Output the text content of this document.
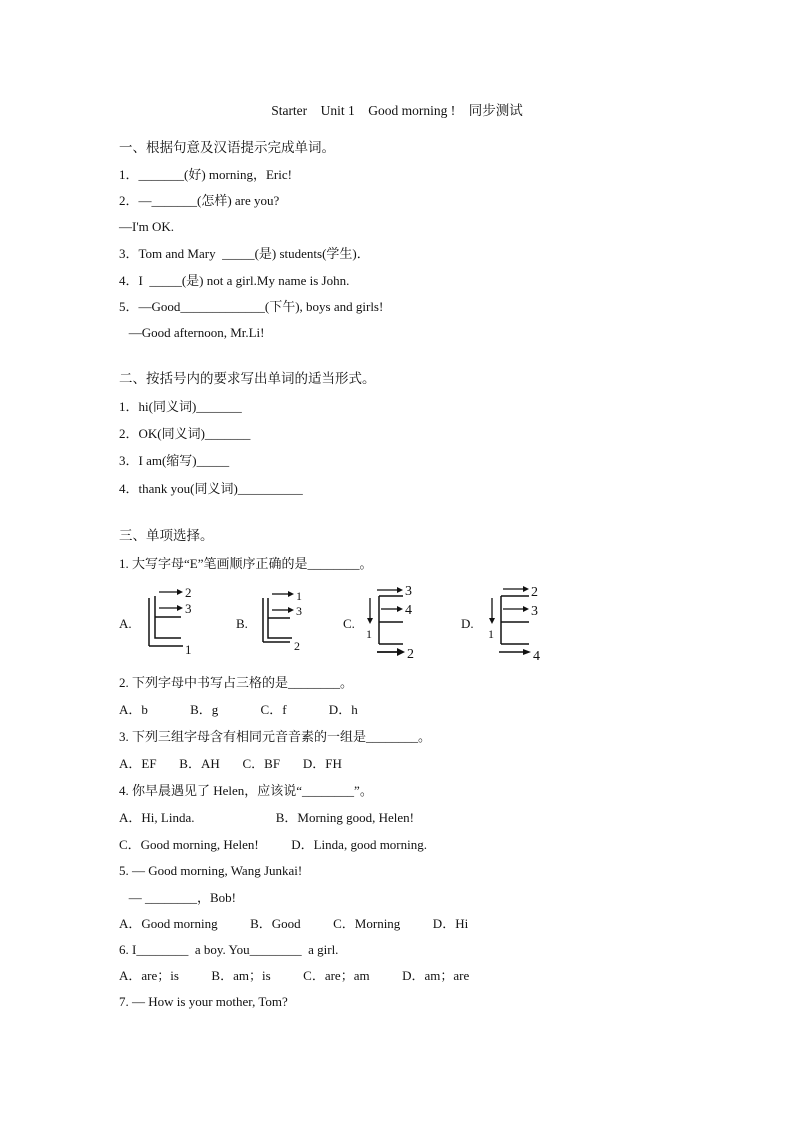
Starter    Unit 1    Good morning !    同步测试
一、根据句意及汉语提示完成单词。
1．_______(好) morning，Eric!
2．—_______(怎样) are you?
—I'm OK.
3．Tom and Mary  _____(是) students(学生)．
4．I  _____(是) not a girl.My name is John.
5．—Good_____________(下午), boys and girls!
—Good afternoon, Mr.Li!
二、按括号内的要求写出单词的适当形式。
1．hi(同义词)_______
2．OK(同义词)_______
3．I am(缩写)_____
4．thank you(同义词)__________
三、单项选择。
1. 大写字母“E”笔画顺序正确的是________。
A.
2
3
1
B.
1
3
2
C.
3
4
1
2
D.
2
3
1
4
2. 下列字母中书写占三格的是________。
A．b             B．g             C．f             D．h
3. 下列三组字母含有相同元音音素的一组是________。
A．EF       B．AH       C．BF       D．FH
4. 你早晨遇见了 Helen，应该说“________”。
A．Hi, Linda.                         B．Morning good, Helen!
C．Good morning, Helen!          D．Linda, good morning.
5. — Good morning, Wang Junkai!
— ________，Bob!
A．Good morning          B．Good          C．Morning          D．Hi
6. I________  a boy. You________  a girl.
A．are；is          B．am；is          C．are；am          D．am；are
7. — How is your mother, Tom?
